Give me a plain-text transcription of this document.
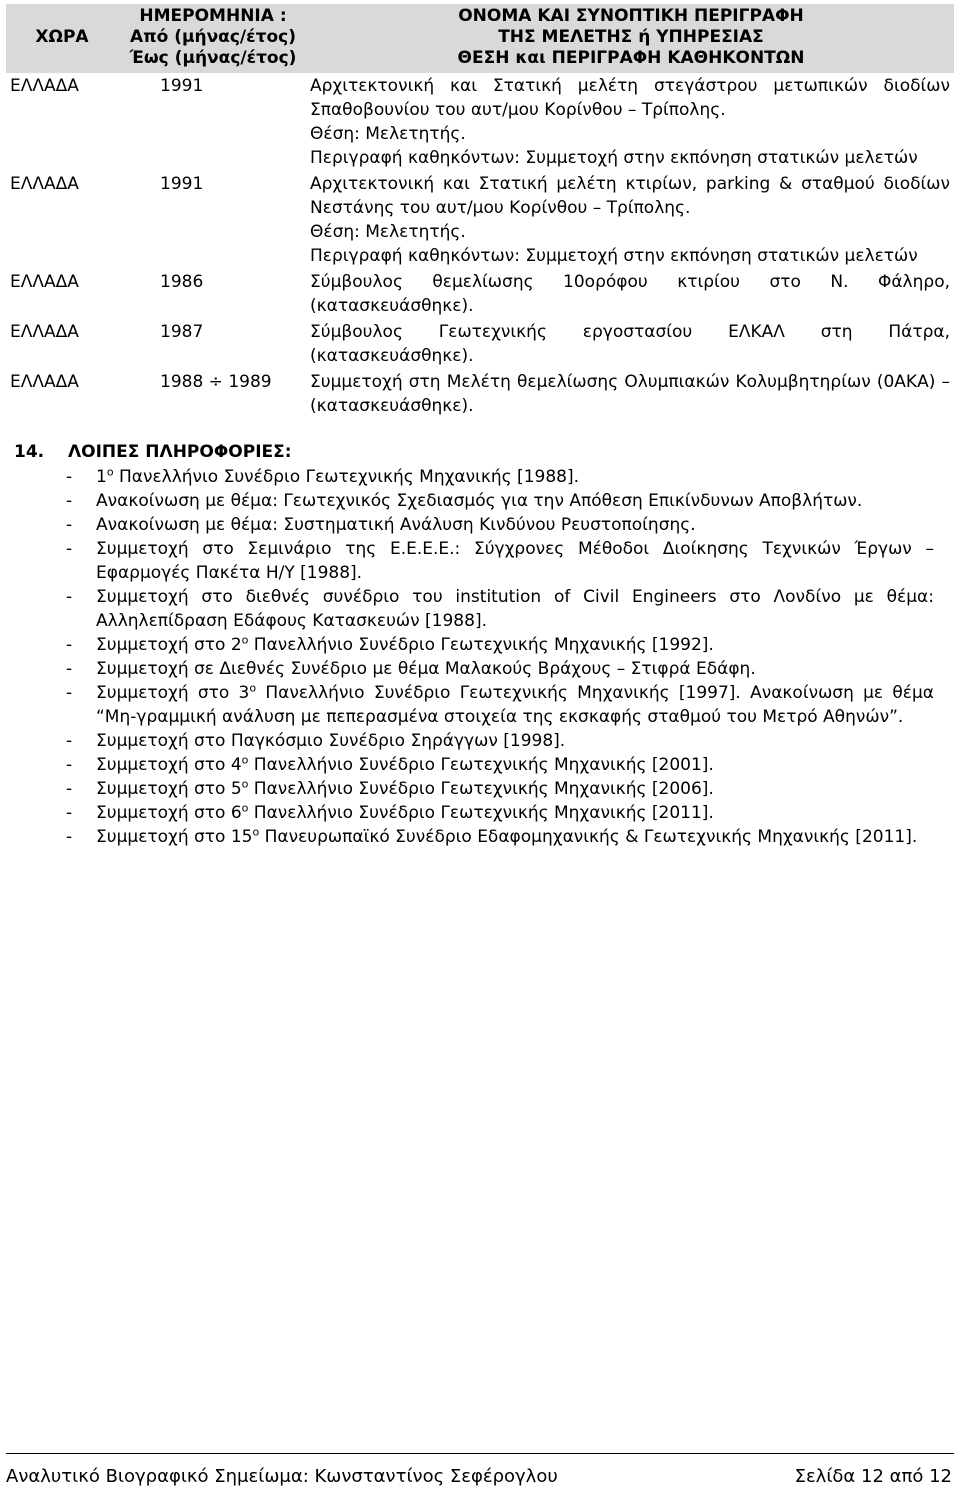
ΧΩΡΑ	ΗΜΕΡΟΜΗΝΙΑ :
Από (μήνας/έτος)
Έως (μήνας/έτος)	ΟΝΟΜΑ ΚΑΙ ΣΥΝΟΠΤΙΚΗ ΠΕΡΙΓΡΑΦΗ
ΤΗΣ ΜΕΛΕΤΗΣ ή ΥΠΗΡΕΣΙΑΣ
ΘΕΣΗ και ΠΕΡΙΓΡΑΦΗ ΚΑΘΗΚΟΝΤΩΝ

ΕΛΛΑΔΑ	1991	Αρχιτεκτονική και Στατική μελέτη στεγάστρου μετωπικών διοδίων Σπαθοβουνίου του αυτ/μου Κορίνθου – Τρίπολης.
Θέση: Μελετητής.
Περιγραφή καθηκόντων: Συμμετοχή στην εκπόνηση στατικών μελετών

ΕΛΛΑΔΑ	1991	Αρχιτεκτονική και Στατική μελέτη κτιρίων, parking & σταθμού διοδίων Νεστάνης του αυτ/μου Κορίνθου – Τρίπολης.
Θέση: Μελετητής.
Περιγραφή καθηκόντων: Συμμετοχή στην εκπόνηση στατικών μελετών

ΕΛΛΑΔΑ	1986	Σύμβουλος θεμελίωσης 10ορόφου κτιρίου στο Ν. Φάληρο, (κατασκευάσθηκε).

ΕΛΛΑΔΑ	1987	Σύμβουλος Γεωτεχνικής εργοστασίου ΕΛΚΑΛ στη Πάτρα, (κατασκευάσθηκε).

ΕΛΛΑΔΑ	1988 ÷ 1989	Συμμετοχή στη Μελέτη θεμελίωσης Ολυμπιακών Κολυμβητηρίων (0ΑΚΑ) – (κατασκευάσθηκε).
14. ΛΟΙΠΕΣ ΠΛΗΡΟΦΟΡΙΕΣ:
- $1^o$ Πανελλήνιο Συνέδριο Γεωτεχνικής Μηχανικής [1988].
- Ανακοίνωση με θέμα: Γεωτεχνικός Σχεδιασμός για την Απόθεση Επικίνδυνων Αποβλήτων.
- Ανακοίνωση με θέμα: Συστηματική Ανάλυση Κινδύνου Ρευστοποίησης.
- Συμμετοχή στο Σεμινάριο της Ε.Ε.Ε.Ε.: Σύγχρονες Μέθοδοι Διοίκησης Τεχνικών Έργων – Εφαρμογές Πακέτα Η/Υ [1988].
- Συμμετοχή στο διεθνές συνέδριο του institution of Civil Engineers στο Λονδίνο με θέμα: Αλληλεπίδραση Εδάφους Κατασκευών [1988].
- Συμμετοχή στο $2^o$ Πανελλήνιο Συνέδριο Γεωτεχνικής Μηχανικής [1992].
- Συμμετοχή σε Διεθνές Συνέδριο με θέμα Μαλακούς Βράχους – Στιφρά Εδάφη.
- Συμμετοχή στο $3^o$ Πανελλήνιο Συνέδριο Γεωτεχνικής Μηχανικής [1997]. Ανακοίνωση με θέμα “Μη-γραμμική ανάλυση με πεπερασμένα στοιχεία της εκσκαφής σταθμού του Μετρό Αθηνών”.
- Συμμετοχή στο Παγκόσμιο Συνέδριο Σηράγγων [1998].
- Συμμετοχή στο $4^o$ Πανελλήνιο Συνέδριο Γεωτεχνικής Μηχανικής [2001].
- Συμμετοχή στο $5^o$ Πανελλήνιο Συνέδριο Γεωτεχνικής Μηχανικής [2006].
- Συμμετοχή στο $6^o$ Πανελλήνιο Συνέδριο Γεωτεχνικής Μηχανικής [2011].
- Συμμετοχή στο $15^o$ Πανευρωπαϊκό Συνέδριο Εδαφομηχανικής & Γεωτεχνικής Μηχανικής [2011].
Αναλυτικό Βιογραφικό Σημείωμα: Κωνσταντίνος Σεφέρογλου	Σελίδα 12 από 12
